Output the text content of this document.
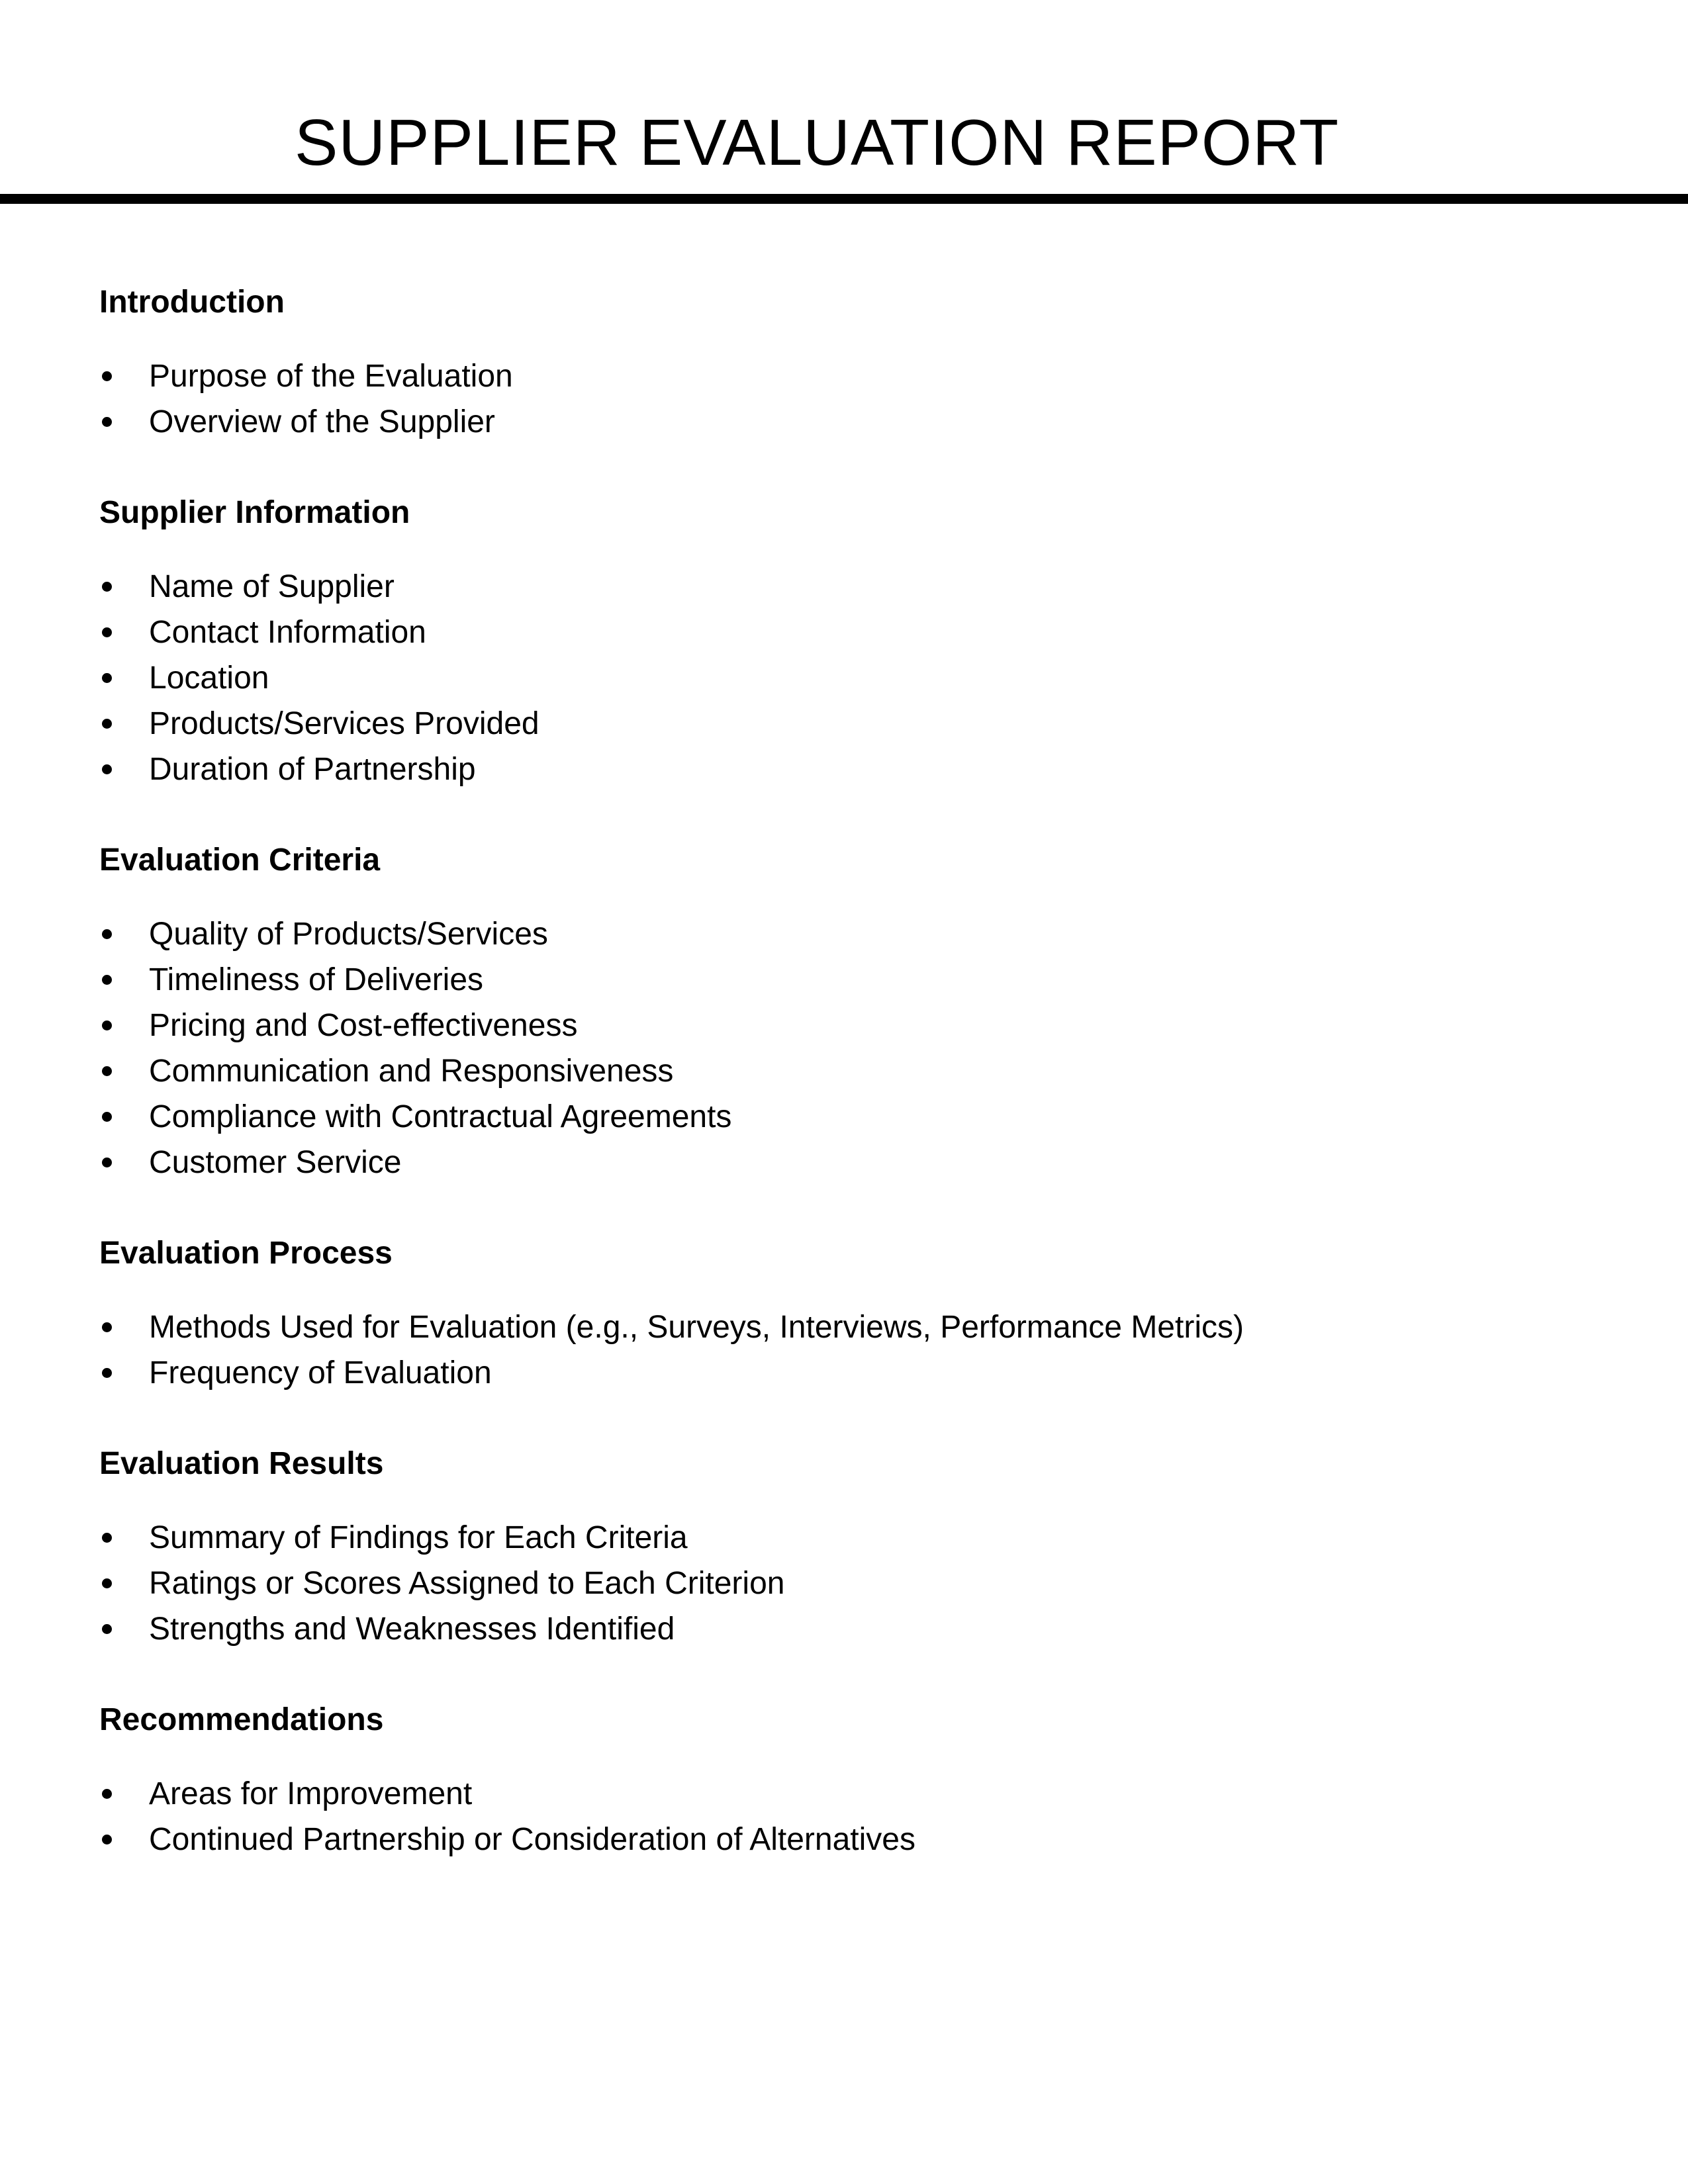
SUPPLIER EVALUATION REPORT
Introduction
Purpose of the Evaluation
Overview of the Supplier
Supplier Information
Name of Supplier
Contact Information
Location
Products/Services Provided
Duration of Partnership
Evaluation Criteria
Quality of Products/Services
Timeliness of Deliveries
Pricing and Cost-effectiveness
Communication and Responsiveness
Compliance with Contractual Agreements
Customer Service
Evaluation Process
Methods Used for Evaluation (e.g., Surveys, Interviews, Performance Metrics)
Frequency of Evaluation
Evaluation Results
Summary of Findings for Each Criteria
Ratings or Scores Assigned to Each Criterion
Strengths and Weaknesses Identified
Recommendations
Areas for Improvement
Continued Partnership or Consideration of Alternatives
